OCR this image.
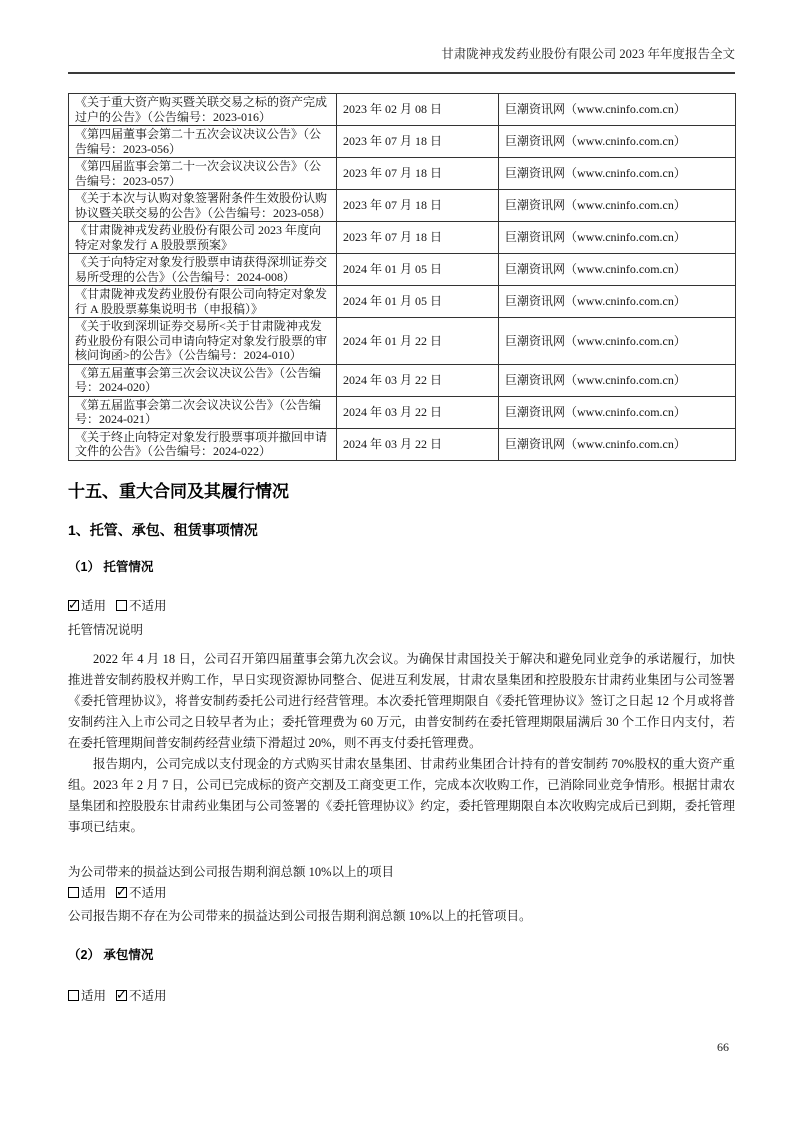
甘肃陇神戎发药业股份有限公司 2023 年年度报告全文
《关于重大资产购买暨关联交易之标的资产完成过户的公告》（公告编号：2023-016）	2023 年 02 月 08 日	巨潮资讯网（www.cninfo.com.cn）
《第四届董事会第二十五次会议决议公告》（公告编号：2023-056）	2023 年 07 月 18 日	巨潮资讯网（www.cninfo.com.cn）
《第四届监事会第二十一次会议决议公告》（公告编号：2023-057）	2023 年 07 月 18 日	巨潮资讯网（www.cninfo.com.cn）
《关于本次与认购对象签署附条件生效股份认购协议暨关联交易的公告》（公告编号：2023-058）	2023 年 07 月 18 日	巨潮资讯网（www.cninfo.com.cn）
《甘肃陇神戎发药业股份有限公司 2023 年度向特定对象发行 A 股股票预案》	2023 年 07 月 18 日	巨潮资讯网（www.cninfo.com.cn）
《关于向特定对象发行股票申请获得深圳证券交易所受理的公告》（公告编号：2024-008）	2024 年 01 月 05 日	巨潮资讯网（www.cninfo.com.cn）
《甘肃陇神戎发药业股份有限公司向特定对象发行 A 股股票募集说明书（申报稿）》	2024 年 01 月 05 日	巨潮资讯网（www.cninfo.com.cn）
《关于收到深圳证券交易所<关于甘肃陇神戎发药业股份有限公司申请向特定对象发行股票的审核问询函>的公告》（公告编号：2024-010）	2024 年 01 月 22 日	巨潮资讯网（www.cninfo.com.cn）
《第五届董事会第三次会议决议公告》（公告编号：2024-020）	2024 年 03 月 22 日	巨潮资讯网（www.cninfo.com.cn）
《第五届监事会第二次会议决议公告》（公告编号：2024-021）	2024 年 03 月 22 日	巨潮资讯网（www.cninfo.com.cn）
《关于终止向特定对象发行股票事项并撤回申请文件的公告》（公告编号：2024-022）	2024 年 03 月 22 日	巨潮资讯网（www.cninfo.com.cn）
十五、重大合同及其履行情况
1、托管、承包、租赁事项情况
（1） 托管情况
✓ 适用 不适用
托管情况说明
2022 年 4 月 18 日，公司召开第四届董事会第九次会议。为确保甘肃国投关于解决和避免同业竞争的承诺履行，加快推进普安制药股权并购工作，早日实现资源协同整合、促进互利发展，甘肃农垦集团和控股股东甘肃药业集团与公司签署《委托管理协议》，将普安制药委托公司进行经营管理。本次委托管理期限自《委托管理协议》签订之日起 12 个月或将普安制药注入上市公司之日较早者为止；委托管理费为 60 万元，由普安制药在委托管理期限届满后 30 个工作日内支付，若在委托管理期间普安制药经营业绩下滑超过 20%，则不再支付委托管理费。
报告期内，公司完成以支付现金的方式购买甘肃农垦集团、甘肃药业集团合计持有的普安制药 70%股权的重大资产重组。2023 年 2 月 7 日，公司已完成标的资产交割及工商变更工作，完成本次收购工作，已消除同业竞争情形。根据甘肃农垦集团和控股股东甘肃药业集团与公司签署的《委托管理协议》约定，委托管理期限自本次收购完成后已到期，委托管理事项已结束。
为公司带来的损益达到公司报告期利润总额 10%以上的项目
适用 ✓ 不适用
公司报告期不存在为公司带来的损益达到公司报告期利润总额 10%以上的托管项目。
（2） 承包情况
适用 ✓ 不适用
66
